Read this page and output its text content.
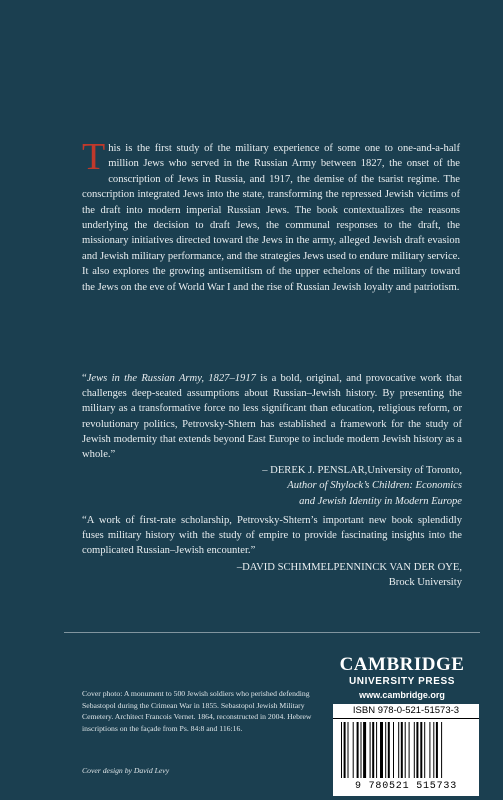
This is the first study of the military experience of some one to one-and-a-half million Jews who served in the Russian Army between 1827, the onset of the conscription of Jews in Russia, and 1917, the demise of the tsarist regime. The conscription integrated Jews into the state, transforming the repressed Jewish victims of the draft into modern imperial Russian Jews. The book contextualizes the reasons underlying the decision to draft Jews, the communal responses to the draft, the missionary initiatives directed toward the Jews in the army, alleged Jewish draft evasion and Jewish military performance, and the strategies Jews used to endure military service. It also explores the growing antisemitism of the upper echelons of the military toward the Jews on the eve of World War I and the rise of Russian Jewish loyalty and patriotism.
“Jews in the Russian Army, 1827–1917 is a bold, original, and provocative work that challenges deep-seated assumptions about Russian–Jewish history. By presenting the military as a transformative force no less significant than education, religious reform, or revolutionary politics, Petrovsky-Shtern has established a framework for the study of Jewish modernity that extends beyond East Europe to include modern Jewish history as a whole.”
– DEREK J. PENSLAR,University of Toronto,
Author of Shylock’s Children: Economics
and Jewish Identity in Modern Europe
“A work of first-rate scholarship, Petrovsky-Shtern’s important new book splendidly fuses military history with the study of empire to provide fascinating insights into the complicated Russian–Jewish encounter.”
–DAVID SCHIMMELPENNINCK VAN DER OYE,
Brock University
Cover photo: A monument to 500 Jewish soldiers who perished defending Sebastopol during the Crimean War in 1855. Sebastopol Jewish Military Cemetery. Architect Francois Vernet. 1864, reconstructed in 2004. Hebrew inscriptions on the façade from Ps. 84:8 and 116:16.
Cover design by David Levy
CAMBRIDGE
UNIVERSITY PRESS
www.cambridge.org
ISBN 978-0-521-51573-3
9 780521 515733
